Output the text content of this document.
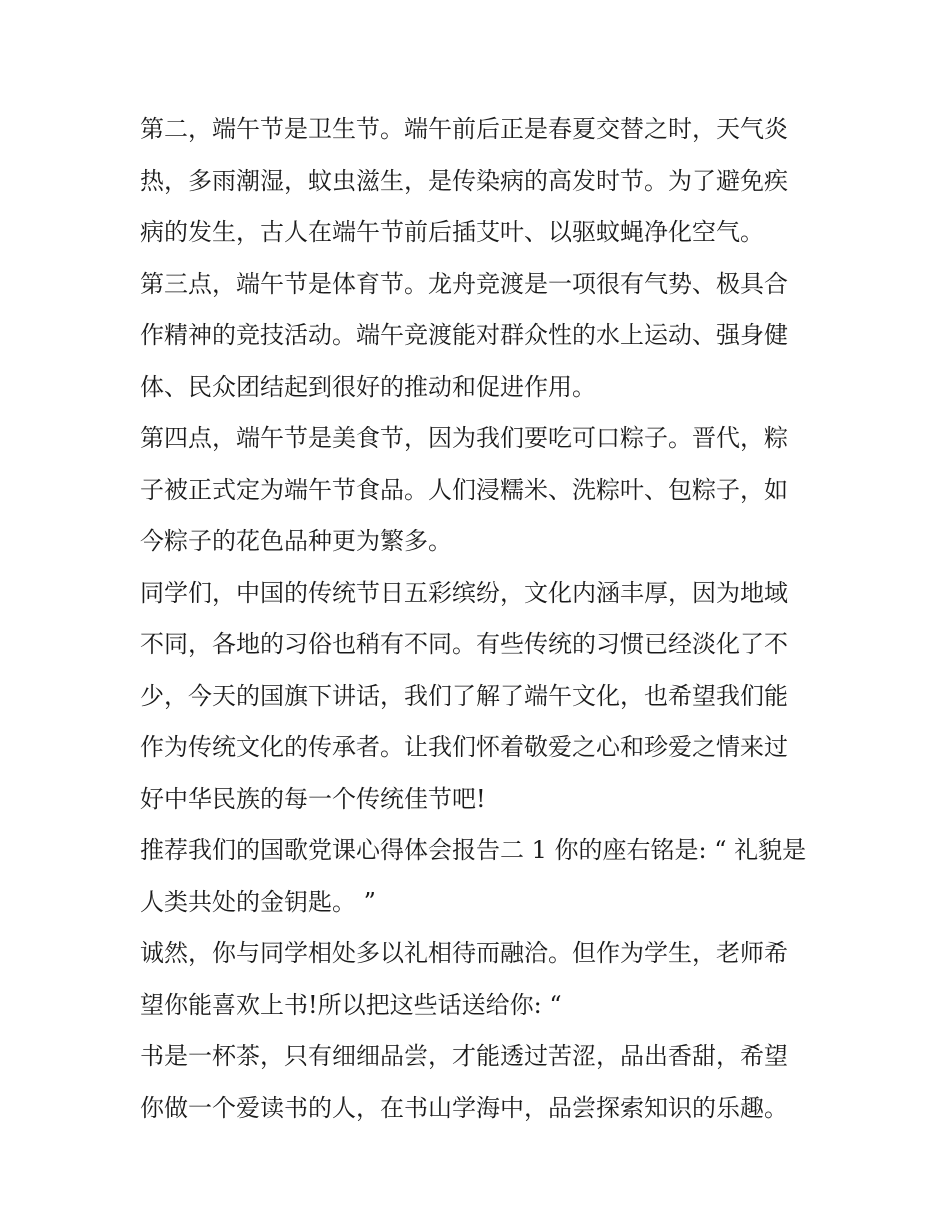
第二，端午节是卫生节。端午前后正是春夏交替之时，天气炎
热，多雨潮湿，蚊虫滋生，是传染病的高发时节。为了避免疾
病的发生，古人在端午节前后插艾叶、以驱蚊蝇净化空气。
第三点，端午节是体育节。龙舟竞渡是一项很有气势、极具合
作精神的竞技活动。端午竞渡能对群众性的水上运动、强身健
体、民众团结起到很好的推动和促进作用。
第四点，端午节是美食节，因为我们要吃可口粽子。晋代，粽
子被正式定为端午节食品。人们浸糯米、洗粽叶、包粽子，如
今粽子的花色品种更为繁多。
同学们，中国的传统节日五彩缤纷，文化内涵丰厚，因为地域
不同，各地的习俗也稍有不同。有些传统的习惯已经淡化了不
少，今天的国旗下讲话，我们了解了端午文化，也希望我们能
作为传统文化的传承者。让我们怀着敬爱之心和珍爱之情来过
好中华民族的每一个传统佳节吧!
推荐我们的国歌党课心得体会报告二 1 你的座右铭是: “ 礼貌是
人类共处的金钥匙。 ”
诚然，你与同学相处多以礼相待而融洽。但作为学生，老师希
望你能喜欢上书!所以把这些话送给你: “
书是一杯茶，只有细细品尝，才能透过苦涩，品出香甜，希望
你做一个爱读书的人，在书山学海中，品尝探索知识的乐趣。
